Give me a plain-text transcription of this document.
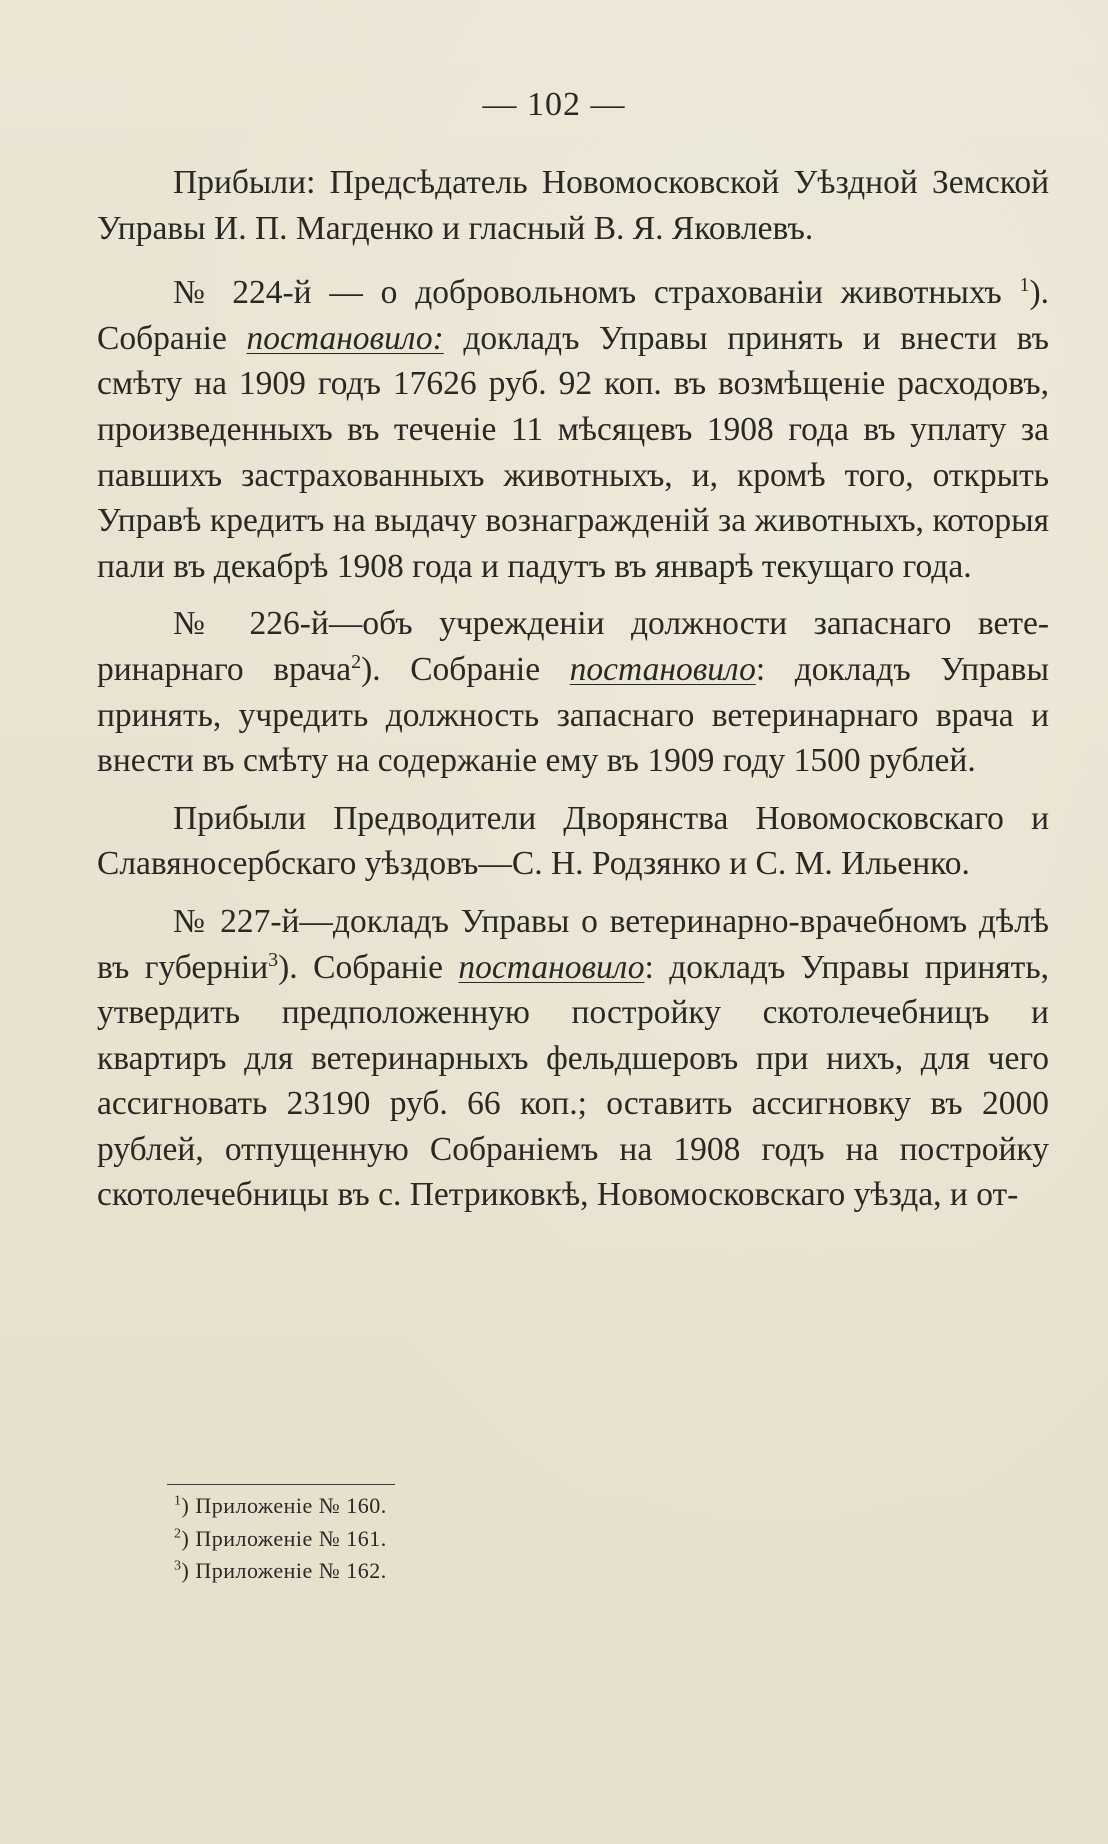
— 102 —

Прибыли: Предсѣдатель Новомосковской Уѣздной Земской Управы И. П. Магденко и гласный В. Я. Яковлевъ.

№ 224-й — о добровольномъ страхованіи животныхъ $^1$). Собраніе постановило: докладъ Управы принять и внести въ смѣту на 1909 годъ 17626 руб. 92 коп. въ возмѣщеніе расходовъ, произведенныхъ въ теченіе 11 мѣсяцевъ 1908 года въ уплату за павшихъ застрахованныхъ животныхъ, и, кромѣ того, открыть Управѣ кредитъ на выдачу вознагражденій за животныхъ, которыя пали въ декабрѣ 1908 года и падутъ въ январѣ текущаго года.

№ 226-й—объ учрежденіи должности запаснаго ветеринарнаго врача$^2$). Собраніе постановило: докладъ Управы принять, учредить должность запаснаго ветеринарнаго врача и внести въ смѣту на содержаніе ему въ 1909 году 1500 рублей.

Прибыли Предводители Дворянства Новомосковскаго и Славяносербскаго уѣздовъ—С. Н. Родзянко и С. М. Ильенко.

№ 227-й—докладъ Управы о ветеринарно-врачебномъ дѣлѣ въ губерніи$^3$). Собраніе постановило: докладъ Управы принять, утвердить предположенную постройку скотолечебницъ и квартиръ для ветеринарныхъ фельдшеровъ при нихъ, для чего ассигновать 23190 руб. 66 коп.; оставить ассигновку въ 2000 рублей, отпущенную Собраніемъ на 1908 годъ на постройку скотолечебницы въ с. Петриковкѣ, Новомосковскаго уѣзда, и от-

$^1$) Приложеніе № 160.
$^2$) Приложеніе № 161.
$^3$) Приложеніе № 162.
